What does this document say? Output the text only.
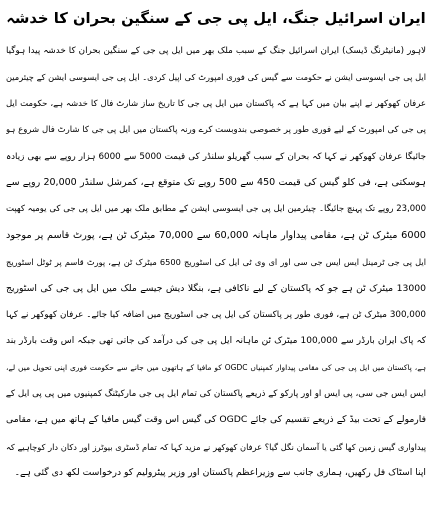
ایران اسرائیل جنگ، ایل پی جی کے سنگین بحران کا خدشہ
لاہور (مانیٹرنگ ڈیسک) ایران اسرائیل جنگ کے سبب ملک بھر میں ایل پی جی کے سنگین بحران کا خدشہ پیدا ہوگیا
ایل پی جی ایسوسی ایشن نے حکومت سے گیس کی فوری امپورٹ کی اپیل کردی۔ ایل پی جی ایسوسی ایشن کے چیئرمین
عرفان کھوکھر نے اپنے بیان میں کہا ہے کہ پاکستان میں ایل پی جی کا تاریخ ساز شارٹ فال کا خدشہ ہے، حکومت ایل
پی جی کی امپورٹ کے لیے فوری طور پر خصوصی بندوبست کرے ورنہ پاکستان میں ایل پی جی کا شارٹ فال شروع ہو
جائیگا عرفان کھوکھر نے کہا کہ بحران کے سبب گھریلو سلنڈر کی قیمت 5000 سے 6000 ہزار روپے سے بھی زیادہ
ہوسکتی ہے، فی کلو گیس کی قیمت 450 سے 500 روپے تک متوقع ہے، کمرشل سلنڈر 20,000 روپے سے
23,000 روپے تک پہنچ جائیگا۔ چیئرمین ایل پی جی ایسوسی ایشن کے مطابق ملک بھر میں ایل پی جی کی یومیہ کھپت
6000 میٹرک ٹن ہے، مقامی پیداوار ماہانہ 60,000 سے 70,000 میٹرک ٹن ہے، پورٹ قاسم پر موجود
ایل پی جی ٹرمینل ایس ایس جی سی اور ای وی ٹی ایل کی اسٹوریج 6500 میٹرک ٹن ہے، پورٹ قاسم پر ٹوٹل اسٹوریج
13000 میٹرک ٹن ہے جو کہ پاکستان کے لیے ناکافی ہے، بنگلا دیش جیسے ملک میں ایل پی جی کی اسٹوریج
300,000 میٹرک ٹن ہے، فوری طور پر پاکستان کی ایل پی جی اسٹوریج میں اضافہ کیا جائے۔ عرفان کھوکھر نے کہا
کہ پاک ایران بارڈر سے 100,000 میٹرک ٹن ماہانہ ایل پی جی کی درآمد کی جاتی تھی جبکہ اس وقت بارڈر بند
ہے، پاکستان میں ایل پی جی کی مقامی پیداوار کمپنیاں OGDC کو مافیا کے ہاتھوں میں جانے سے حکومت فوری اپنی تحویل میں لے،
ایس ایس جی سی، پی ایس او اور پارکو کے ذریعے پاکستان کی تمام ایل پی جی مارکیٹنگ کمپنیوں میں پی پی ایل کے
فارمولے کے تحت بیڈ کے ذریعے تقسیم کی جائے OGDC کی گیس اس وقت گیس مافیا کے ہاتھ میں ہے، مقامی
پیداواری گیس زمین کھا گئی یا آسمان نگل گیا؟ عرفان کھوکھر نے مزید کہا کہ تمام ڈسٹری بیوٹرز اور دکان دار کوچاہیے کہ
اپنا اسٹاک فل رکھیں، ہماری جانب سے وزیراعظم پاکستان اور وزیر پیٹرولیم کو درخواست لکھ دی گئی ہے۔
